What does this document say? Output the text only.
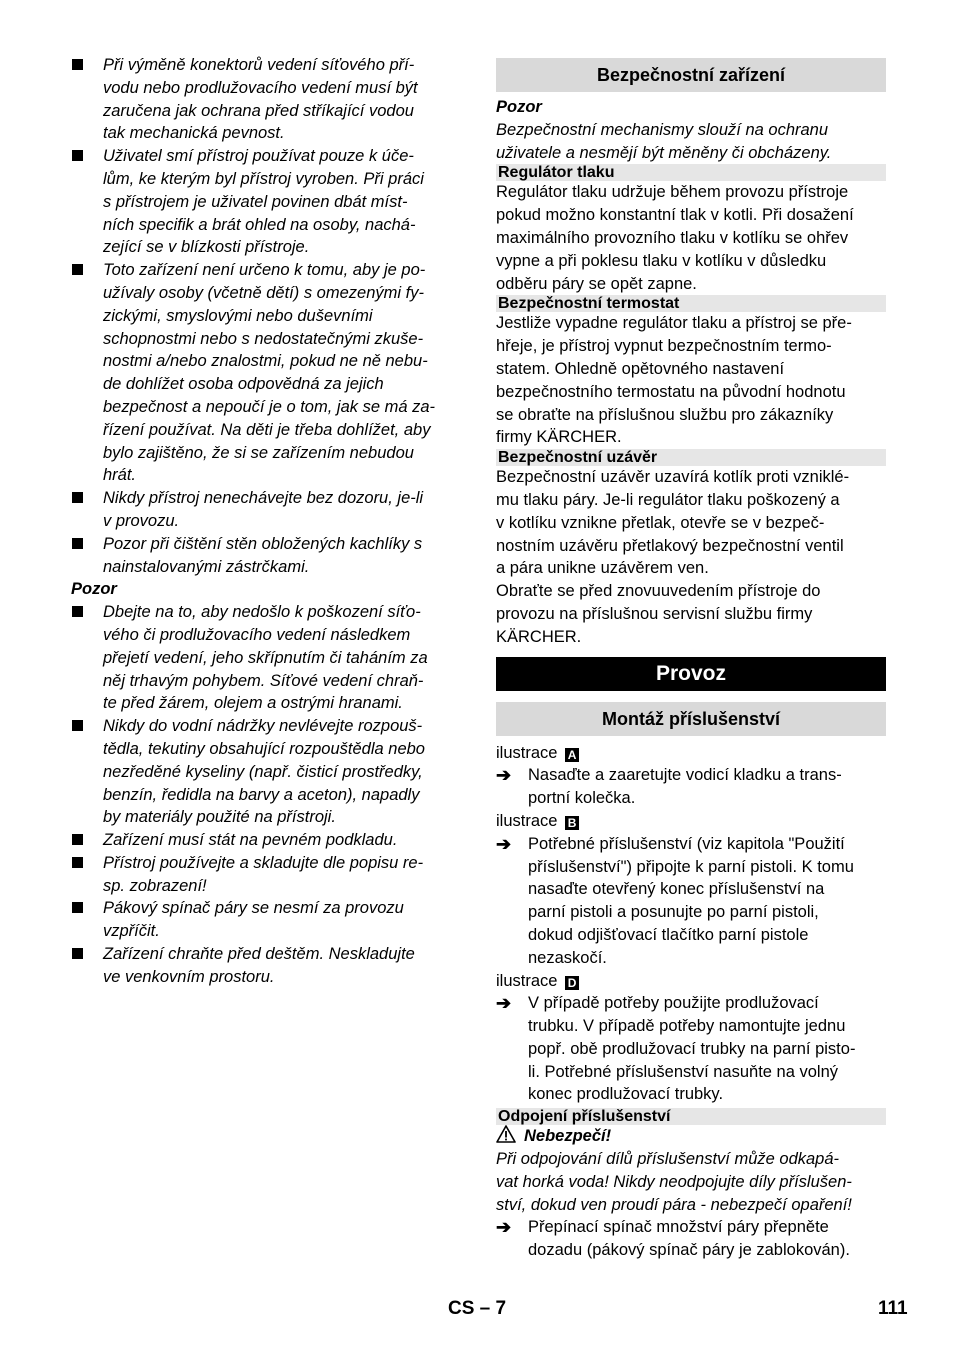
Při výměně konektorů vedení síťového pří-
vodu nebo prodlužovacího vedení musí být
zaručena jak ochrana před stříkající vodou
tak mechanická pevnost.
Uživatel smí přístroj používat pouze k úče-
lům, ke kterým byl přístroj vyroben. Při práci
s přístrojem je uživatel povinen dbát míst-
ních specifik a brát ohled na osoby, nachá-
zející se v blízkosti přístroje.
Toto zařízení není určeno k tomu, aby je po-
užívaly osoby (včetně dětí) s omezenými fy-
zickými, smyslovými nebo duševními
schopnostmi nebo s nedostatečnými zkuše-
nostmi a/nebo znalostmi, pokud ne ně nebu-
de dohlížet osoba odpovědná za jejich
bezpečnost a nepoučí je o tom, jak se má za-
řízení používat. Na děti je třeba dohlížet, aby
bylo zajištěno, že si se zařízením nebudou
hrát.
Nikdy přístroj nenechávejte bez dozoru, je-li
v provozu.
Pozor při čištění stěn obložených kachlíky s
nainstalovanými zástrčkami.
Pozor
Dbejte na to, aby nedošlo k poškození síťo-
vého či prodlužovacího vedení následkem
přejetí vedení, jeho skřípnutím či taháním za
něj trhavým pohybem. Síťové vedení chraň-
te před žárem, olejem a ostrými hranami.
Nikdy do vodní nádržky nevlévejte rozpouš-
tědla, tekutiny obsahující rozpouštědla nebo
nezředěné kyseliny (např. čisticí prostředky,
benzín, ředidla na barvy a aceton), napadly
by materiály použité na přístroji.
Zařízení musí stát na pevném podkladu.
Přístroj používejte a skladujte dle popisu re-
sp. zobrazení!
Pákový spínač páry se nesmí za provozu
vzpříčit.
Zařízení chraňte před deštěm. Neskladujte
ve venkovním prostoru.
Bezpečnostní zařízení
Pozor
Bezpečnostní mechanismy slouží na ochranu
uživatele a nesmějí být měněny či obcházeny.
Regulátor tlaku
Regulátor tlaku udržuje během provozu přístroje
pokud možno konstantní tlak v kotli. Při dosažení
maximálního provozního tlaku v kotlíku se ohřev
vypne a při poklesu tlaku v kotlíku v důsledku
odběru páry se opět zapne.
Bezpečnostní termostat
Jestliže vypadne regulátor tlaku a přístroj se pře-
hřeje, je přístroj vypnut bezpečnostním termo-
statem. Ohledně opětovného nastavení
bezpečnostního termostatu na původní hodnotu
se obraťte na příslušnou službu pro zákazníky
firmy KÄRCHER.
Bezpečnostní uzávěr
Bezpečnostní uzávěr uzavírá kotlík proti vzniklé-
mu tlaku páry. Je-li regulátor tlaku poškozený a
v kotlíku vznikne přetlak, otevře se v bezpeč-
nostním uzávěru přetlakový bezpečnostní ventil
a pára unikne uzávěrem ven.
Obraťte se před znovuuvedením přístroje do
provozu na příslušnou servisní službu firmy
KÄRCHER.
Provoz
Montáž příslušenství
ilustrace A
➔ Nasaďte a zaaretujte vodicí kladku a trans-
portní kolečka.
ilustrace B
➔ Potřebné příslušenství (viz kapitola "Použití
příslušenství") připojte k parní pistoli. K tomu
nasaďte otevřený konec příslušenství na
parní pistoli a posunujte po parní pistoli,
dokud odjišťovací tlačítko parní pistole
nezaskočí.
ilustrace D
➔ V případě potřeby použijte prodlužovací
trubku. V případě potřeby namontujte jednu
popř. obě prodlužovací trubky na parní pisto-
li. Potřebné příslušenství nasuňte na volný
konec prodlužovací trubky.
Odpojení příslušenství
Nebezpečí!
Při odpojování dílů příslušenství může odkapá-
vat horká voda! Nikdy neodpojujte díly příslušen-
ství, dokud ven proudí pára - nebezpečí opaření!
➔ Přepínací spínač množství páry přepněte
dozadu (pákový spínač páry je zablokován).
CS – 7	111
